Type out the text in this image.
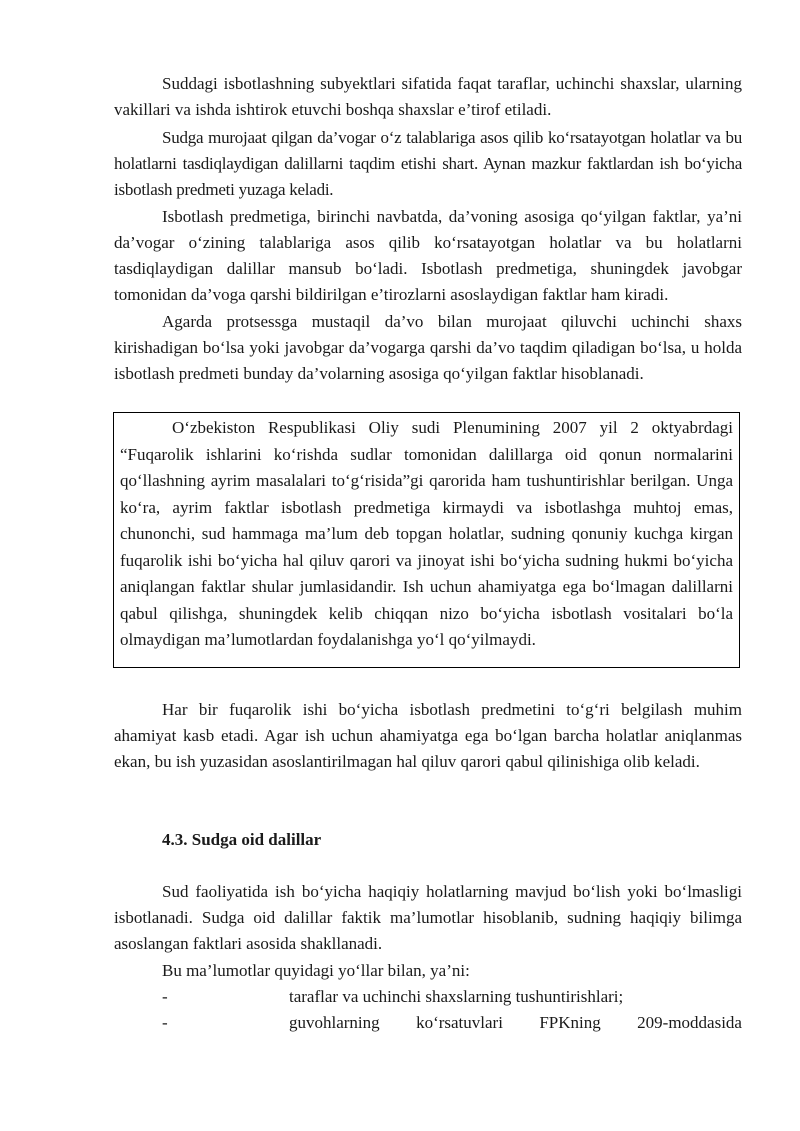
Suddagi isbotlashning subyektlari sifatida faqat taraflar, uchinchi shaxslar, ularning vakillari va ishda ishtirok etuvchi boshqa shaxslar e’tirof etiladi.

Sudga murojaat qilgan da’vogar o‘z talablariga asos qilib ko‘rsatayotgan holatlar va bu holatlarni tasdiqlaydigan dalillarni taqdim etishi shart. Aynan mazkur faktlardan ish bo‘yicha isbotlash predmeti yuzaga keladi.

Isbotlash predmetiga, birinchi navbatda, da’voning asosiga qo‘yilgan faktlar, ya’ni da’vogar o‘zining talablariga asos qilib ko‘rsatayotgan holatlar va bu holatlarni tasdiqlaydigan dalillar mansub bo‘ladi. Isbotlash predmetiga, shuningdek javobgar tomonidan da’voga qarshi bildirilgan e’tirozlarni asoslaydigan faktlar ham kiradi.

Agarda protsessga mustaqil da’vo bilan murojaat qiluvchi uchinchi shaxs kirishadigan bo‘lsa yoki javobgar da’vogarga qarshi da’vo taqdim qiladigan bo‘lsa, u holda isbotlash predmeti bunday da’volarning asosiga qo‘yilgan faktlar hisoblanadi.

O‘zbekiston Respublikasi Oliy sudi Plenumining 2007 yil 2 oktyabrdagi “Fuqarolik ishlarini ko‘rishda sudlar tomonidan dalillarga oid qonun normalarini qo‘llashning ayrim masalalari to‘g‘risida”gi qarorida ham tushuntirishlar berilgan. Unga ko‘ra, ayrim faktlar isbotlash predmetiga kirmaydi va isbotlashga muhtoj emas, chunonchi, sud hammaga ma’lum deb topgan holatlar, sudning qonuniy kuchga kirgan fuqarolik ishi bo‘yicha hal qiluv qarori va jinoyat ishi bo‘yicha sudning hukmi bo‘yicha aniqlangan faktlar shular jumlasidandir. Ish uchun ahamiyatga ega bo‘lmagan dalillarni qabul qilishga, shuningdek kelib chiqqan nizo bo‘yicha isbotlash vositalari bo‘la olmaydigan ma’lumotlardan foydalanishga yo‘l qo‘yilmaydi.

Har bir fuqarolik ishi bo‘yicha isbotlash predmetini to‘g‘ri belgilash muhim ahamiyat kasb etadi. Agar ish uchun ahamiyatga ega bo‘lgan barcha holatlar aniqlanmas ekan, bu ish yuzasidan asoslantirilmagan hal qiluv qarori qabul qilinishiga olib keladi.

4.3. Sudga oid dalillar

Sud faoliyatida ish bo‘yicha haqiqiy holatlarning mavjud bo‘lish yoki bo‘lmasligi isbotlanadi. Sudga oid dalillar faktik ma’lumotlar hisoblanib, sudning haqiqiy bilimga asoslangan faktlari asosida shakllanadi.

Bu ma’lumotlar quyidagi yo‘llar bilan, ya’ni:

-	taraflar va uchinchi shaxslarning tushuntirishlari;
-	guvohlarning ko‘rsatuvlari FPKning 209-moddasida
